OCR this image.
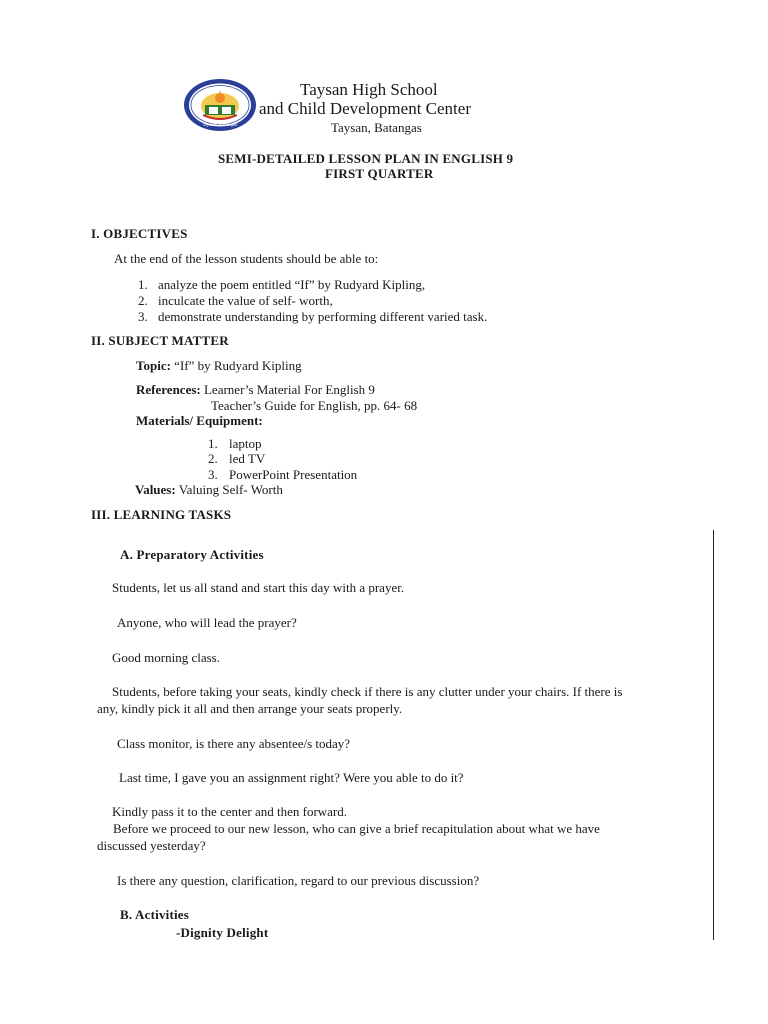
Taysan, Batangas
Taysan High School
and Child Development Center
Taysan, Batangas
SEMI-DETAILED LESSON PLAN IN ENGLISH 9
FIRST QUARTER
I. OBJECTIVES
At the end of the lesson students should be able to:
1. analyze the poem entitled “If” by Rudyard Kipling,
2. inculcate the value of self- worth,
3. demonstrate understanding by performing different varied task.
II. SUBJECT MATTER
Topic: “If” by Rudyard Kipling
References: Learner’s Material For English 9
Teacher’s Guide for English, pp. 64- 68
Materials/ Equipment:
1. laptop
2. led TV
3. PowerPoint Presentation
Values: Valuing Self- Worth
III. LEARNING TASKS
A. Preparatory Activities
Students, let us all stand and start this day with a prayer.
Anyone, who will lead the prayer?
Good morning class.
Students, before taking your seats, kindly check if there is any clutter under your chairs. If there is
any, kindly pick it all and then arrange your seats properly.
Class monitor, is there any absentee/s today?
Last time, I gave you an assignment right? Were you able to do it?
Kindly pass it to the center and then forward.
Before we proceed to our new lesson, who can give a brief recapitulation about what we have
discussed yesterday?
Is there any question, clarification, regard to our previous discussion?
B. Activities
-Dignity Delight
